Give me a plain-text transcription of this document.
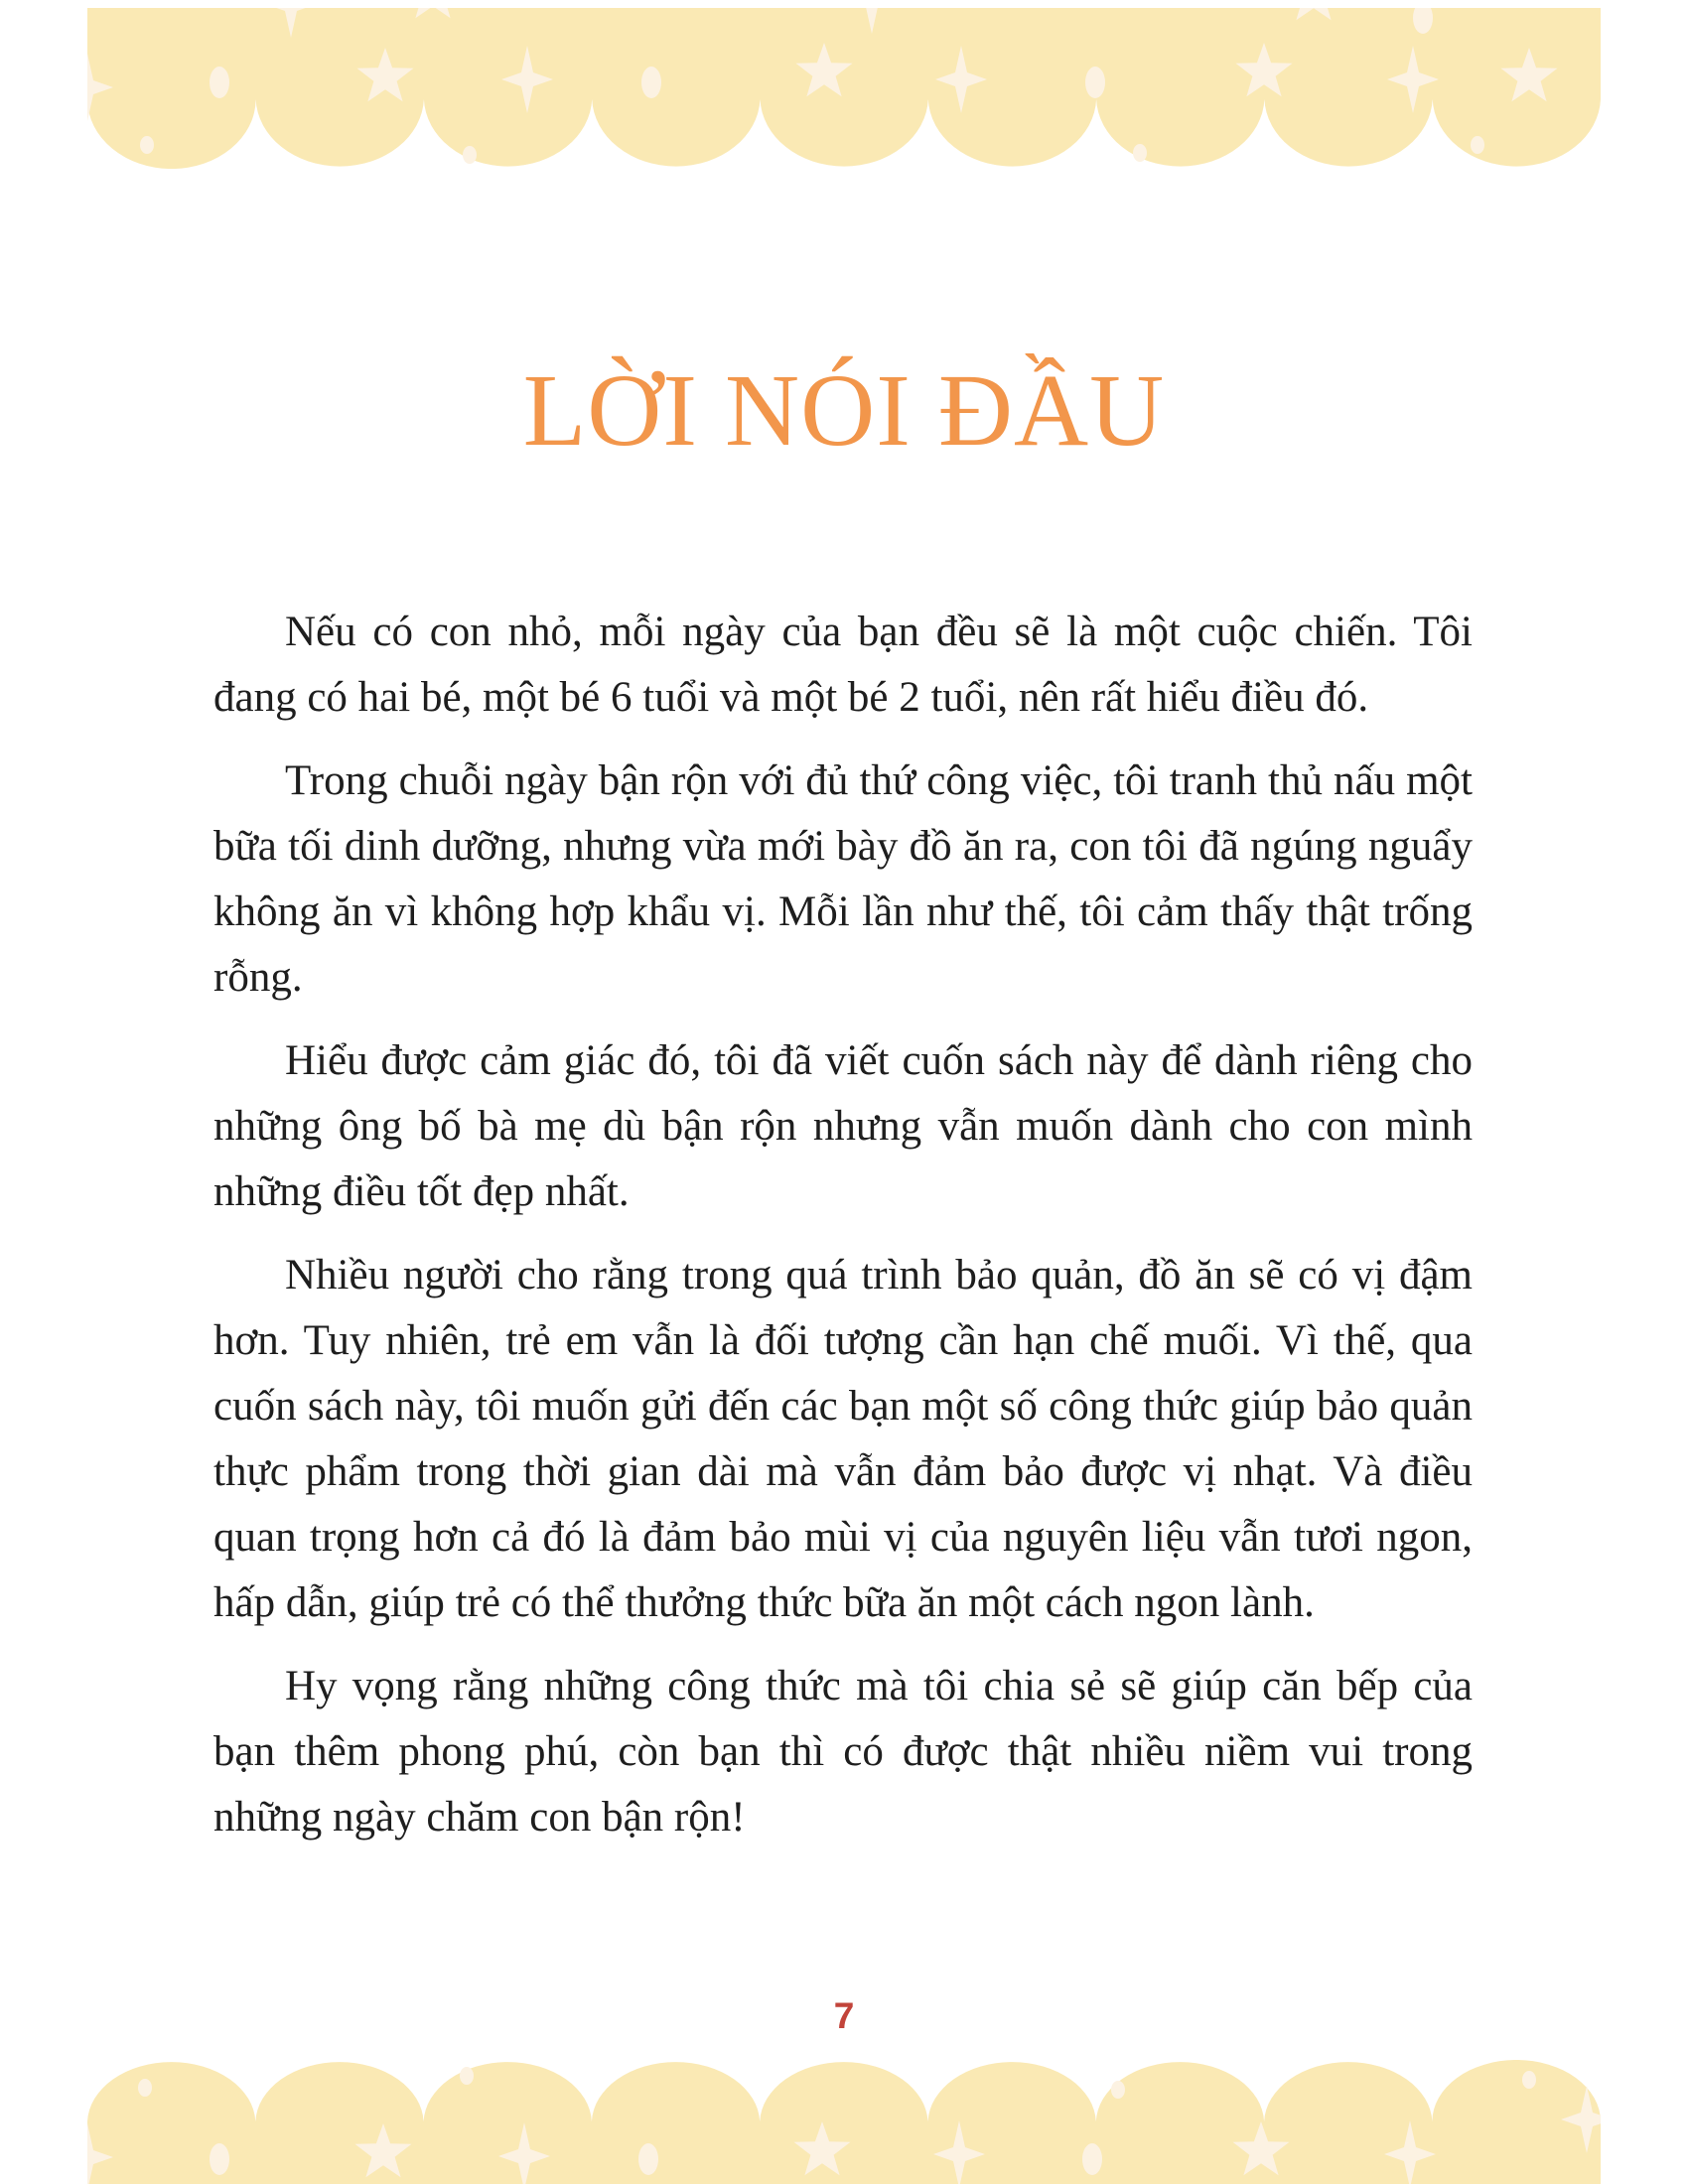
LỜI NÓI ĐẦU

Nếu có con nhỏ, mỗi ngày của bạn đều sẽ là một cuộc chiến. Tôi đang có hai bé, một bé 6 tuổi và một bé 2 tuổi, nên rất hiểu điều đó.

Trong chuỗi ngày bận rộn với đủ thứ công việc, tôi tranh thủ nấu một bữa tối dinh dưỡng, nhưng vừa mới bày đồ ăn ra, con tôi đã ngúng nguẩy không ăn vì không hợp khẩu vị. Mỗi lần như thế, tôi cảm thấy thật trống rỗng.

Hiểu được cảm giác đó, tôi đã viết cuốn sách này để dành riêng cho những ông bố bà mẹ dù bận rộn nhưng vẫn muốn dành cho con mình những điều tốt đẹp nhất.

Nhiều người cho rằng trong quá trình bảo quản, đồ ăn sẽ có vị đậm hơn. Tuy nhiên, trẻ em vẫn là đối tượng cần hạn chế muối. Vì thế, qua cuốn sách này, tôi muốn gửi đến các bạn một số công thức giúp bảo quản thực phẩm trong thời gian dài mà vẫn đảm bảo được vị nhạt. Và điều quan trọng hơn cả đó là đảm bảo mùi vị của nguyên liệu vẫn tươi ngon, hấp dẫn, giúp trẻ có thể thưởng thức bữa ăn một cách ngon lành.

Hy vọng rằng những công thức mà tôi chia sẻ sẽ giúp căn bếp của bạn thêm phong phú, còn bạn thì có được thật nhiều niềm vui trong những ngày chăm con bận rộn!

7
